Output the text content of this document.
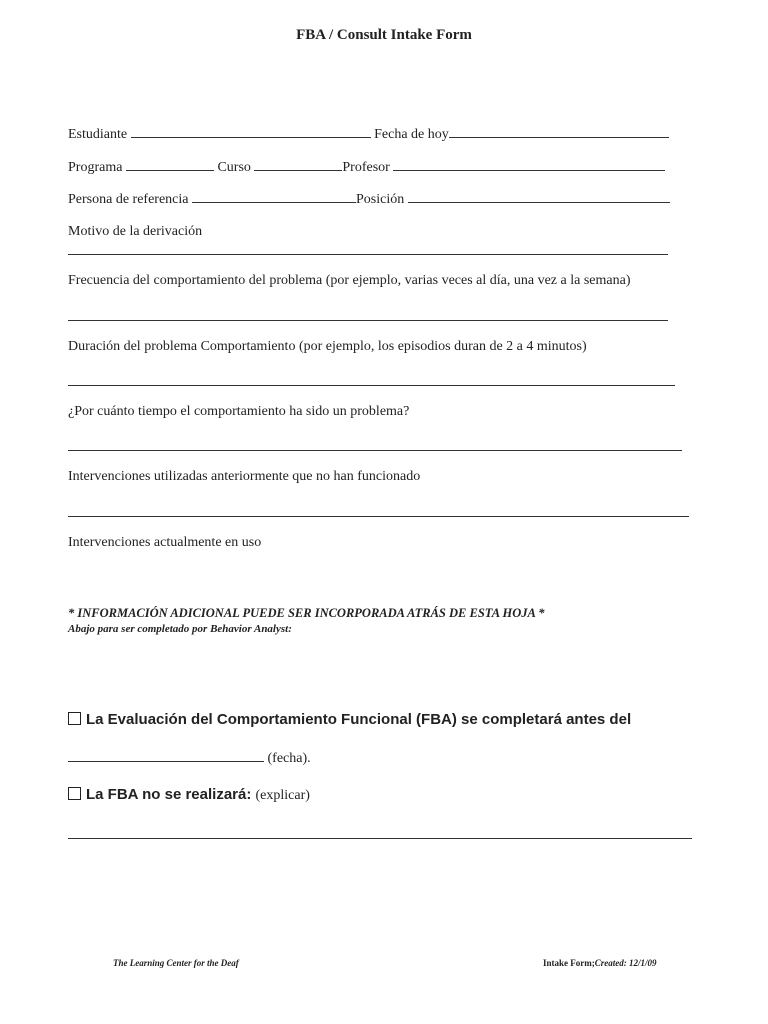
FBA / Consult Intake Form
Estudiante	Fecha de hoy
Programa	Curso	Profesor
Persona de referencia	Posición
Motivo de la derivación
Frecuencia del comportamiento del problema (por ejemplo, varias veces al día, una vez a la semana)
Duración del problema Comportamiento (por ejemplo, los episodios duran de 2 a 4 minutos)
¿Por cuánto tiempo el comportamiento ha sido un problema?
Intervenciones utilizadas anteriormente que no han funcionado
Intervenciones actualmente en uso
* INFORMACIÓN ADICIONAL PUEDE SER INCORPORADA ATRÁS DE ESTA HOJA *
Abajo para ser completado por Behavior Analyst:
La Evaluación del Comportamiento Funcional (FBA) se completará antes del
(fecha).
La FBA no se realizará: (explicar)
The Learning Center for the Deaf	Intake Form;Created: 12/1/09
